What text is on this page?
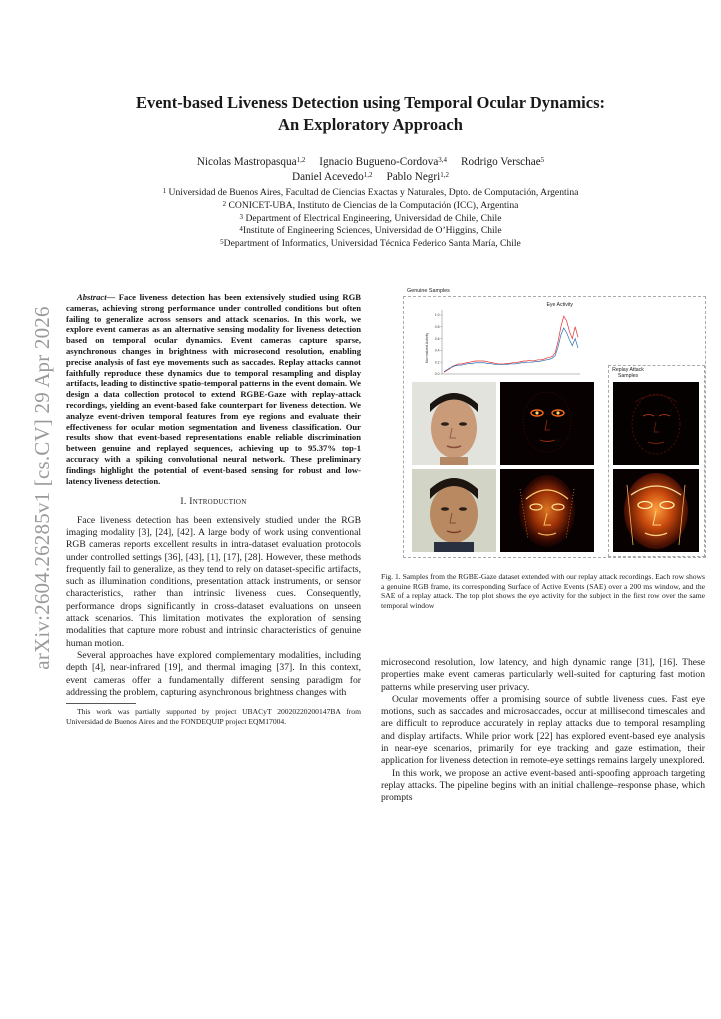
arXiv:2604.26285v1 [cs.CV] 29 Apr 2026
Event-based Liveness Detection using Temporal Ocular Dynamics:
An Exploratory Approach
Nicolas Mastropasqua$^{1,2}$ Ignacio Bugueno-Cordova$^{3,4}$ Rodrigo Verschae$^5$
Daniel Acevedo$^{1,2}$ Pablo Negri$^{1,2}$
$^1$ Universidad de Buenos Aires, Facultad de Ciencias Exactas y Naturales, Dpto. de Computación, Argentina
$^2$ CONICET-UBA, Instituto de Ciencias de la Computación (ICC), Argentina
$^3$ Department of Electrical Engineering, Universidad de Chile, Chile
$^4$Institute of Engineering Sciences, Universidad de O’Higgins, Chile
$^5$Department of Informatics, Universidad Técnica Federico Santa María, Chile
Abstract— Face liveness detection has been extensively studied using RGB cameras, achieving strong performance under controlled conditions but often failing to generalize across sensors and attack scenarios. In this work, we explore event cameras as an alternative sensing modality for liveness detection based on temporal ocular dynamics. Event cameras capture sparse, asynchronous changes in brightness with microsecond resolution, enabling precise analysis of fast eye movements such as saccades. Replay attacks cannot faithfully reproduce these dynamics due to temporal resampling and display artifacts, leading to distinctive spatio-temporal patterns in the event domain. We design a data collection protocol to extend RGBE-Gaze with replay-attack recordings, yielding an event-based fake counterpart for liveness detection. We analyze event-driven temporal features from eye regions and evaluate their effectiveness for ocular motion segmentation and liveness classification. Our results show that event-based representations enable reliable discrimination between genuine and replayed sequences, achieving up to 95.37% top-1 accuracy with a spiking convolutional neural network. These preliminary findings highlight the potential of event-based sensing for robust and low-latency liveness detection.
I. Introduction
Face liveness detection has been extensively studied under the RGB imaging modality [3], [24], [42]. A large body of work using conventional RGB cameras reports excellent results in intra-dataset evaluation protocols under controlled settings [36], [43], [1], [17], [28]. However, these methods frequently fail to generalize, as they tend to rely on dataset-specific artifacts, such as illumination conditions, presentation attack instruments, or sensor characteristics, rather than intrinsic liveness cues. Consequently, performance drops significantly in cross-dataset evaluations on unseen attack scenarios. This limitation motivates the exploration of sensing modalities that capture more robust and intrinsic characteristics of genuine human motion.
Several approaches have explored complementary modalities, including depth [4], near-infrared [19], and thermal imaging [37]. In this context, event cameras offer a fundamentally different sensing paradigm for addressing the problem, capturing asynchronous brightness changes with
This work was partially supported by project UBACyT 20020220200147BA from Universidad de Buenos Aires and the FONDEQUIP project EQM17004.
Genuine Samples
Replay Attack Samples
0.0
0.2
0.4
0.6
0.8
1.0
Eye Activity
Normalized Activity
Fig. 1. Samples from the RGBE-Gaze dataset extended with our replay attack recordings. Each row shows a genuine RGB frame, its corresponding Surface of Active Events (SAE) over a 200 ms window, and the SAE of a replay attack. The top plot shows the eye activity for the subject in the first row over the same temporal window
microsecond resolution, low latency, and high dynamic range [31], [16]. These properties make event cameras particularly well-suited for capturing fast motion patterns while preserving user privacy.
Ocular movements offer a promising source of subtle liveness cues. Fast eye motions, such as saccades and microsaccades, occur at millisecond timescales and are difficult to reproduce accurately in replay attacks due to temporal resampling and display artifacts. While prior work [22] has explored event-based eye analysis in near-eye scenarios, primarily for eye tracking and gaze estimation, their application for liveness detection in remote-eye settings remains largely unexplored.
In this work, we propose an active event-based anti-spoofing approach targeting replay attacks. The pipeline begins with an initial challenge–response phase, which prompts
